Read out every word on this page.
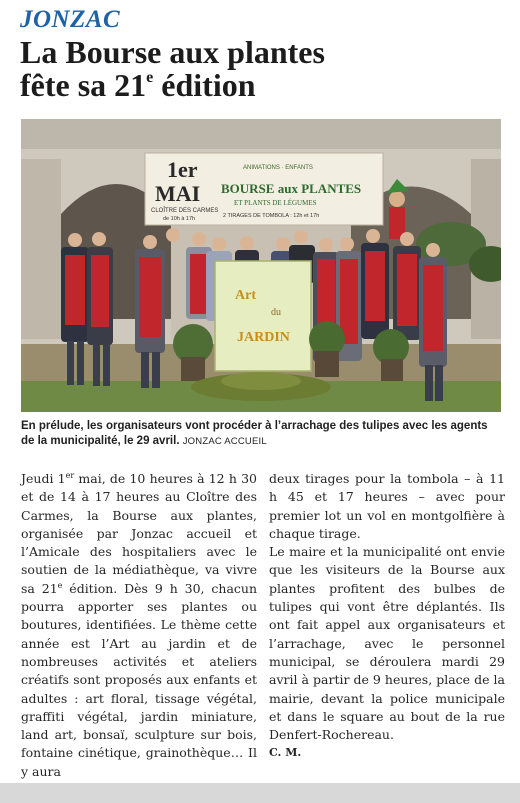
JONZAC
La Bourse aux plantes
fête sa 21e édition
1er
MAI
CLOÎTRE DES CARMES
de 10h à 17h
ANIMATIONS · ENFANTS
BOURSE aux PLANTES
ET PLANTS DE LÉGUMES
2 TIRAGES DE TOMBOLA : 12h et 17h
Art
du
JARDIN
En prélude, les organisateurs vont procéder à l’arrachage des tulipes avec les agents de la municipalité, le 29 avril. JONZAC ACCUEIL

Jeudi 1er mai, de 10 heures à 12 h 30 et de 14 à 17 heures au Cloître des Carmes, la Bourse aux plantes, organisée par Jonzac accueil et l’Amicale des hospitaliers avec le soutien de la médiathèque, va vivre sa 21e édition. Dès 9 h 30, chacun pourra apporter ses plantes ou boutures, identifiées. Le thème cette année est l’Art au jardin et de nombreuses activités et ateliers créatifs sont proposés aux enfants et adultes : art floral, tissage végétal, graffiti végétal, jardin miniature, land art, bonsaï, sculpture sur bois, fontaine cinétique, grainothèque… Il y aura

deux tirages pour la tombola – à 11 h 45 et 17 heures – avec pour premier lot un vol en montgolfière à chaque tirage.

Le maire et la municipalité ont envie que les visiteurs de la Bourse aux plantes profitent des bulbes de tulipes qui vont être déplantés. Ils ont fait appel aux organisateurs et l’arrachage, avec le personnel municipal, se déroulera mardi 29 avril à partir de 9 heures, place de la mairie, devant la police municipale et dans le square au bout de la rue Denfert-Rochereau.

C. M.
